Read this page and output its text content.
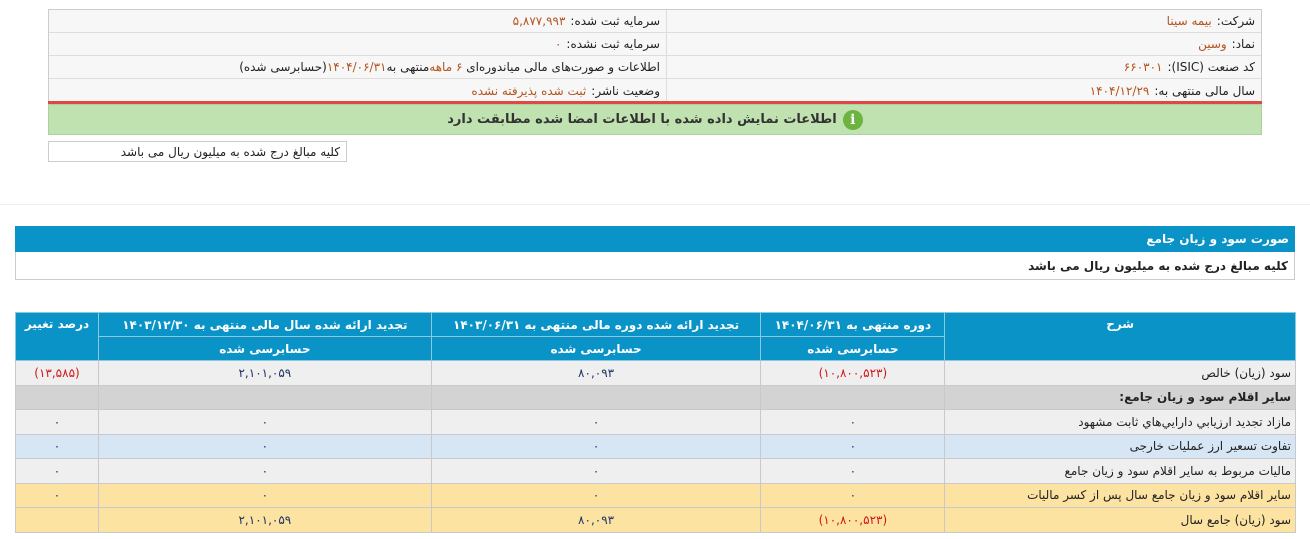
شرکت:
بیمه سینا
سرمایه ثبت شده:
۵,۸۷۷,۹۹۳
نماد:
وسین
سرمایه ثبت نشده:
۰
کد صنعت (ISIC):
۶۶۰۳۰۱
اطلاعات و صورت‌های مالی میاندوره‌ای

۶ ماهه
منتهی به
۱۴۰۴/۰۶/۳۱
(حسابرسی شده)
سال مالی منتهی به:
۱۴۰۴/۱۲/۲۹
وضعیت ناشر:
ثبت شده پذیرفته نشده
i
اطلاعات نمایش داده شده با اطلاعات امضا شده مطابقت دارد
کلیه مبالغ درج شده به میلیون ریال می باشد
صورت سود و زیان جامع
کلیه مبالغ درج شده به میلیون ریال می باشد
شرح	دوره منتهی به ۱۴۰۴/۰۶/۳۱	تجدید ارائه شده دوره مالی منتهی به ۱۴۰۳/۰۶/۳۱	تجدید ارائه شده سال مالی منتهی به ۱۴۰۳/۱۲/۳۰	درصد تغییر
	حسابرسی شده	حسابرسی شده	حسابرسی شده	
سود (زیان) خالص	(۱۰,۸۰۰,۵۲۳)	۸۰,۰۹۳	۲,۱۰۱,۰۵۹	(۱۳,۵۸۵)
سایر اقلام سود و زیان جامع:				
مازاد تجدید ارزيابي دارايي‌هاي ثابت مشهود	۰	۰	۰	۰
تفاوت تسعیر ارز عملیات خارجی	۰	۰	۰	۰
مالیات مربوط به سایر اقلام سود و زیان جامع	۰	۰	۰	۰
سایر اقلام سود و زیان جامع سال پس از کسر مالیات	۰	۰	۰	۰
سود (زیان) جامع سال	(۱۰,۸۰۰,۵۲۳)	۸۰,۰۹۳	۲,۱۰۱,۰۵۹	
